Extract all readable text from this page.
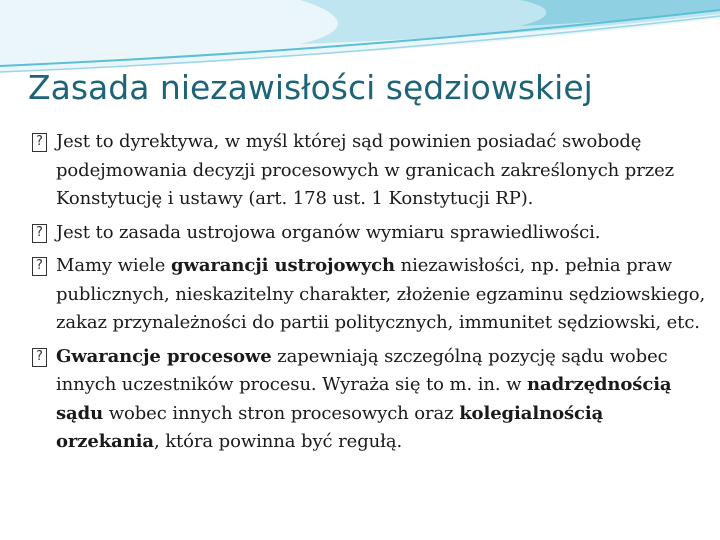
Zasada niezawisłości sędziowskiej
? Jest to dyrektywa, w myśl której sąd powinien posiadać swobodę podejmowania decyzji procesowych w granicach zakreślonych przez Konstytucję i ustawy (art. 178 ust. 1 Konstytucji RP).
? Jest to zasada ustrojowa organów wymiaru sprawiedliwości.
? Mamy wiele gwarancji ustrojowych niezawisłości, np. pełnia praw publicznych, nieskazitelny charakter, złożenie egzaminu sędziowskiego, zakaz przynależności do partii politycznych, immunitet sędziowski, etc.
? Gwarancje procesowe zapewniają szczególną pozycję sądu wobec innych uczestników procesu. Wyraża się to m. in. w nadrzędnością sądu wobec innych stron procesowych oraz kolegialnością orzekania, która powinna być regułą.
